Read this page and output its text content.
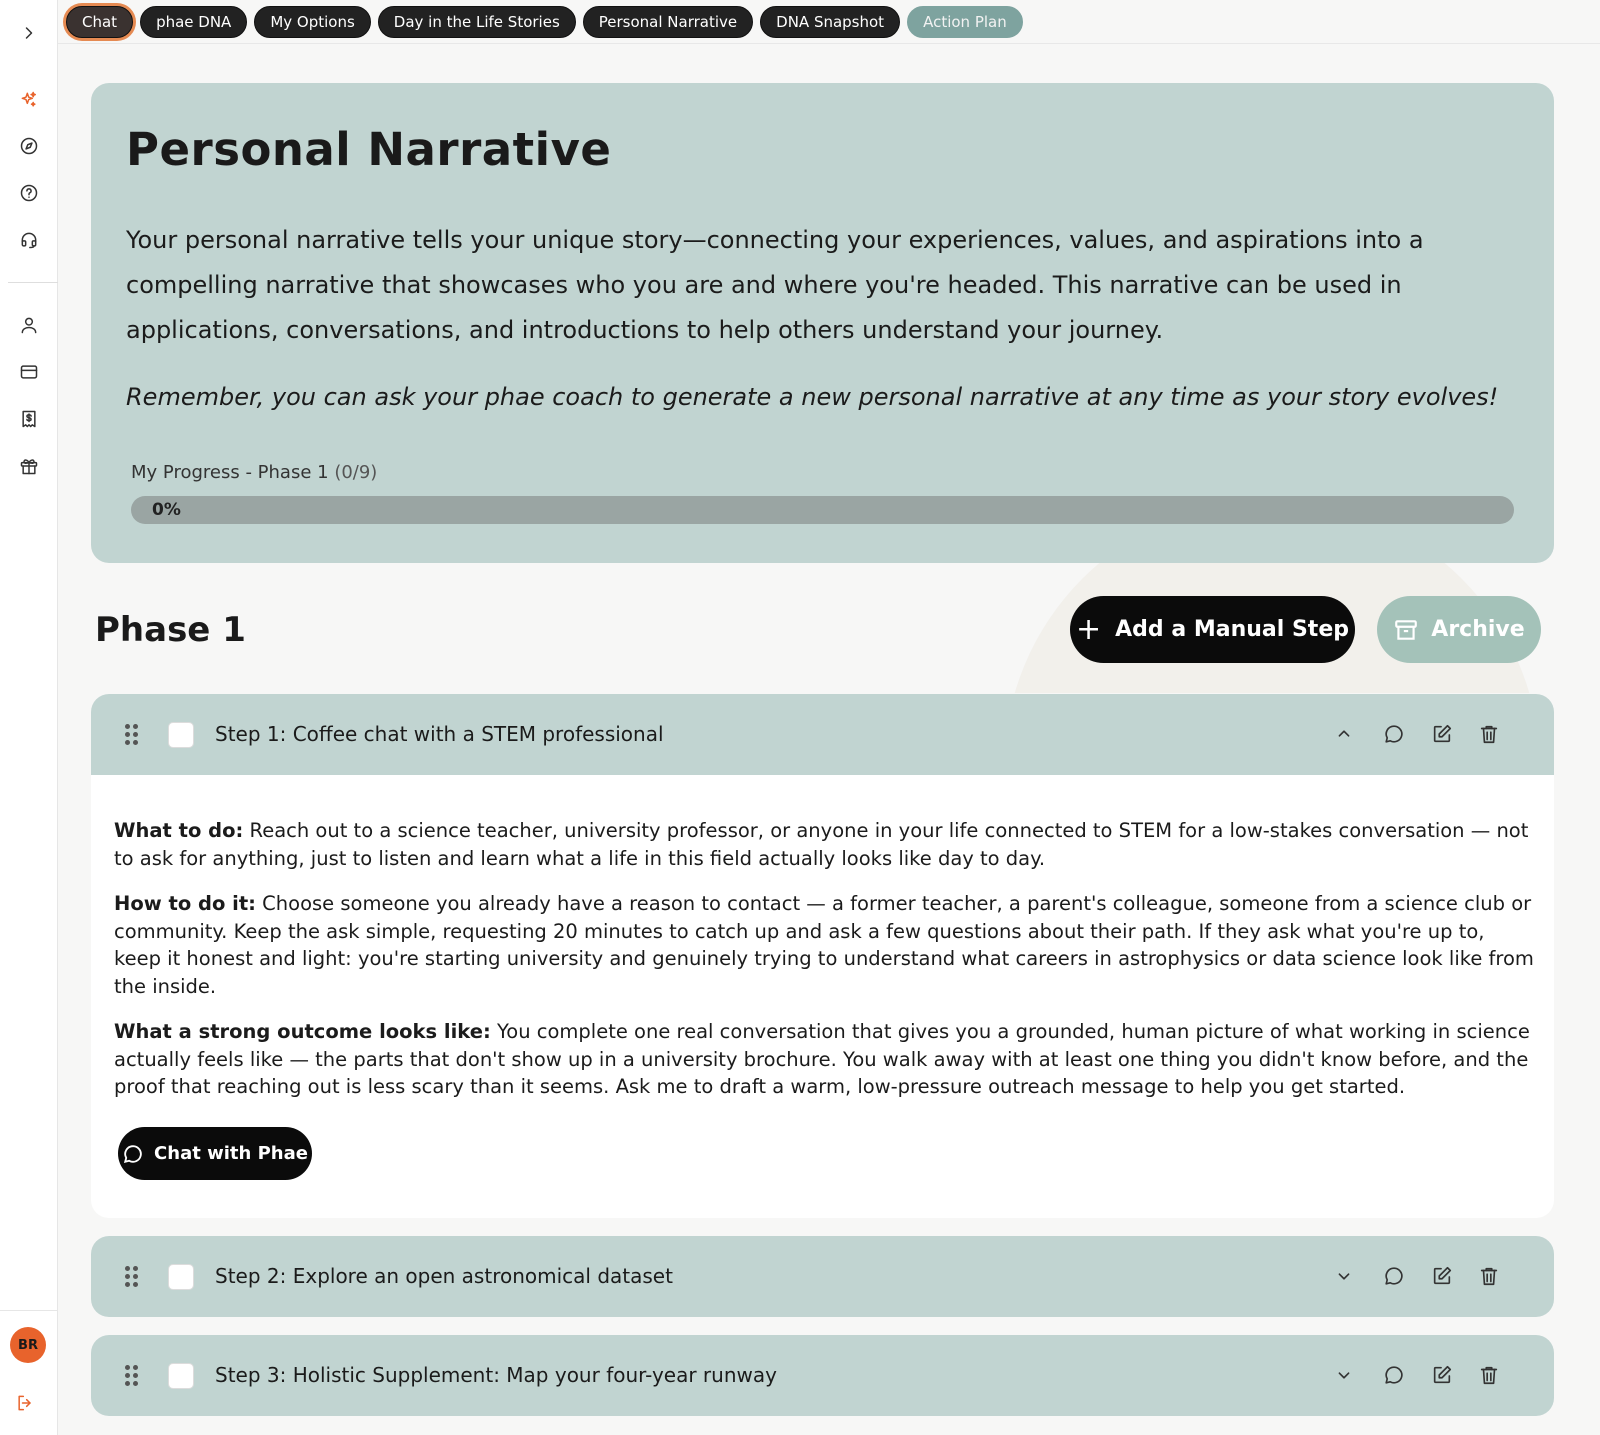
BR
Chat	phae DNA	My Options	Day in the Life Stories	Personal Narrative	DNA Snapshot	Action Plan
Personal Narrative

Your personal narrative tells your unique story—connecting your experiences, values, and aspirations into a compelling narrative that showcases who you are and where you're headed. This narrative can be used in applications, conversations, and introductions to help others understand your journey.

Remember, you can ask your phae coach to generate a new personal narrative at any time as your story evolves!

My Progress - Phase 1 (0/9)
0%
Phase 1	+ Add a Manual Step	Archive
Step 1: Coffee chat with a STEM professional

What to do: Reach out to a science teacher, university professor, or anyone in your life connected to STEM for a low-stakes conversation — not to ask for anything, just to listen and learn what a life in this field actually looks like day to day.

How to do it: Choose someone you already have a reason to contact — a former teacher, a parent's colleague, someone from a science club or community. Keep the ask simple, requesting 20 minutes to catch up and ask a few questions about their path. If they ask what you're up to, keep it honest and light: you're starting university and genuinely trying to understand what careers in astrophysics or data science look like from the inside.

What a strong outcome looks like: You complete one real conversation that gives you a grounded, human picture of what working in science actually feels like — the parts that don't show up in a university brochure. You walk away with at least one thing you didn't know before, and the proof that reaching out is less scary than it seems. Ask me to draft a warm, low-pressure outreach message to help you get started.

Chat with Phae
Step 2: Explore an open astronomical dataset
Step 3: Holistic Supplement: Map your four-year runway
